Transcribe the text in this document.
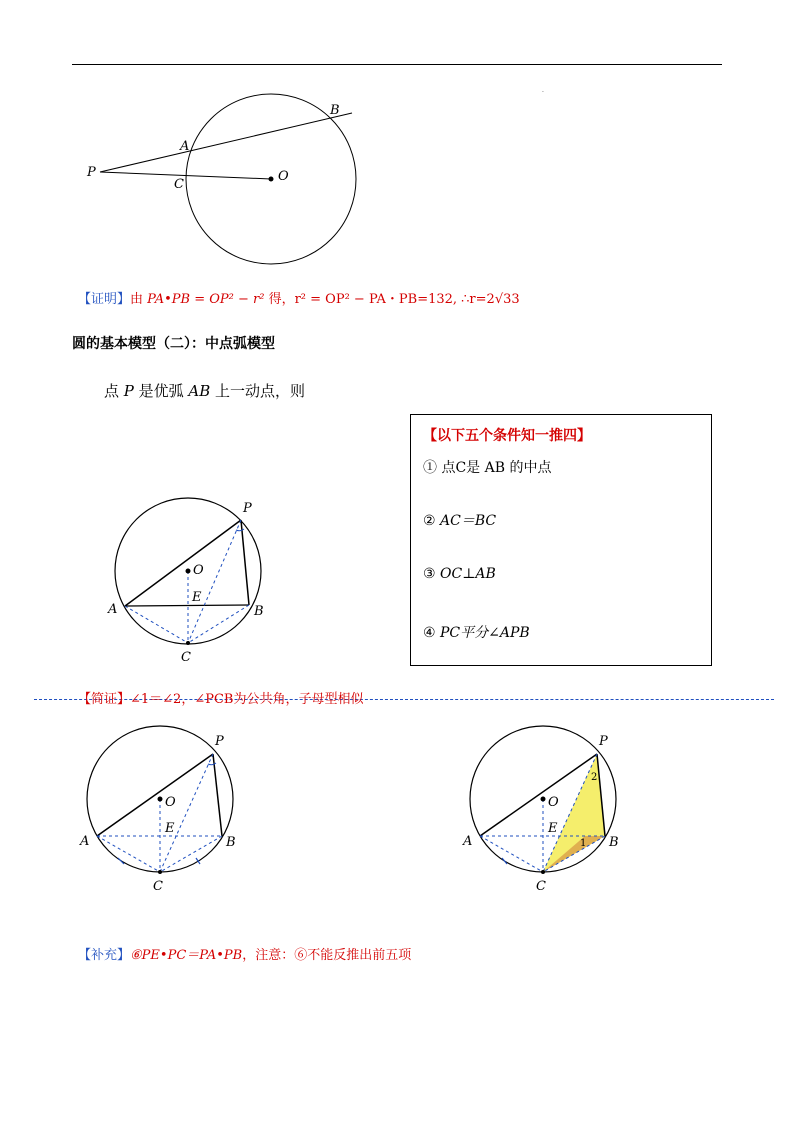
P
A
B
C
O
.
【证明】由 PA•PB = OP² − r² 得，r² = OP² − PA・PB=132, ∴r=2√33
圆的基本模型（二）：中点弧模型
点 P 是优弧 AB 上一动点，则
【以下五个条件知一推四】
① 点C是 AB 的中点
② AC＝BC
③ OC⊥AB
④ PC平分∠APB
P
O
E
A	B
C
【简证】∠1＝∠2，∠PCB为公共角，子母型相似
P
O
E
A	B
C
P
O
E
A	B
C
1
2
【补充】⑥PE•PC＝PA•PB，注意：⑥不能反推出前五项
